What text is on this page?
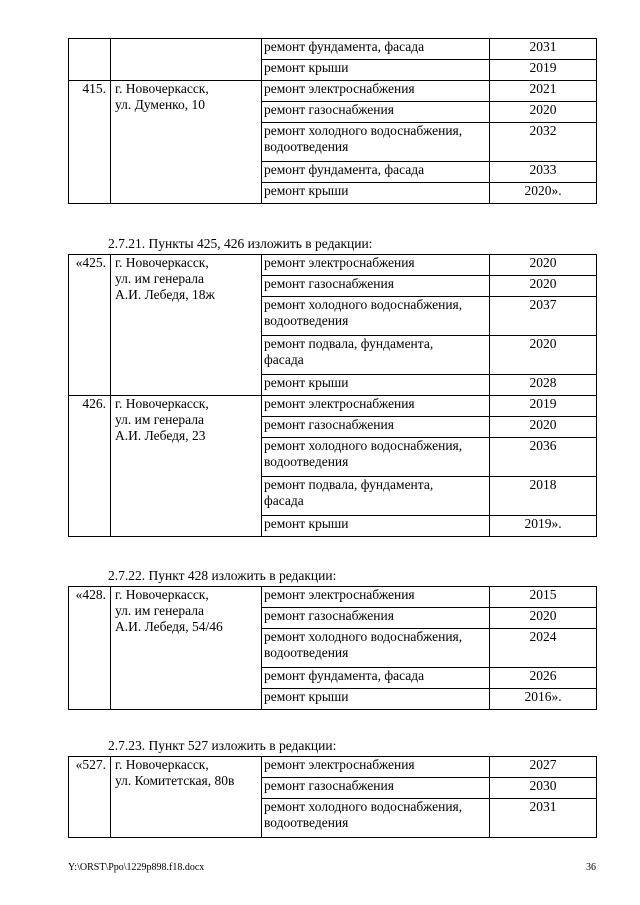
		ремонт фундамента, фасада	2031
		ремонт крыши	2019
415.	г. Новочеркасск,
ул. Думенко, 10	ремонт электроснабжения	2021
		ремонт газоснабжения	2020
		ремонт холодного водоснабжения,
водоотведения	2032
		ремонт фундамента, фасада	2033
		ремонт крыши	2020».
2.7.21. Пункты 425, 426 изложить в редакции:
«425.	г. Новочеркасск,
ул. им генерала
А.И. Лебедя, 18ж	ремонт электроснабжения	2020
		ремонт газоснабжения	2020
		ремонт холодного водоснабжения,
водоотведения	2037
		ремонт подвала, фундамента,
фасада	2020
		ремонт крыши	2028
426.	г. Новочеркасск,
ул. им генерала
А.И. Лебедя, 23	ремонт электроснабжения	2019
		ремонт газоснабжения	2020
		ремонт холодного водоснабжения,
водоотведения	2036
		ремонт подвала, фундамента,
фасада	2018
		ремонт крыши	2019».
2.7.22. Пункт 428 изложить в редакции:
«428.	г. Новочеркасск,
ул. им генерала
А.И. Лебедя, 54/46	ремонт электроснабжения	2015
		ремонт газоснабжения	2020
		ремонт холодного водоснабжения,
водоотведения	2024
		ремонт фундамента, фасада	2026
		ремонт крыши	2016».
2.7.23. Пункт 527 изложить в редакции:
«527.	г. Новочеркасск,
ул. Комитетская, 80в	ремонт электроснабжения	2027
		ремонт газоснабжения	2030
		ремонт холодного водоснабжения,
водоотведения	2031
Y:\ORST\Ppo\1229p898.f18.docx	36
